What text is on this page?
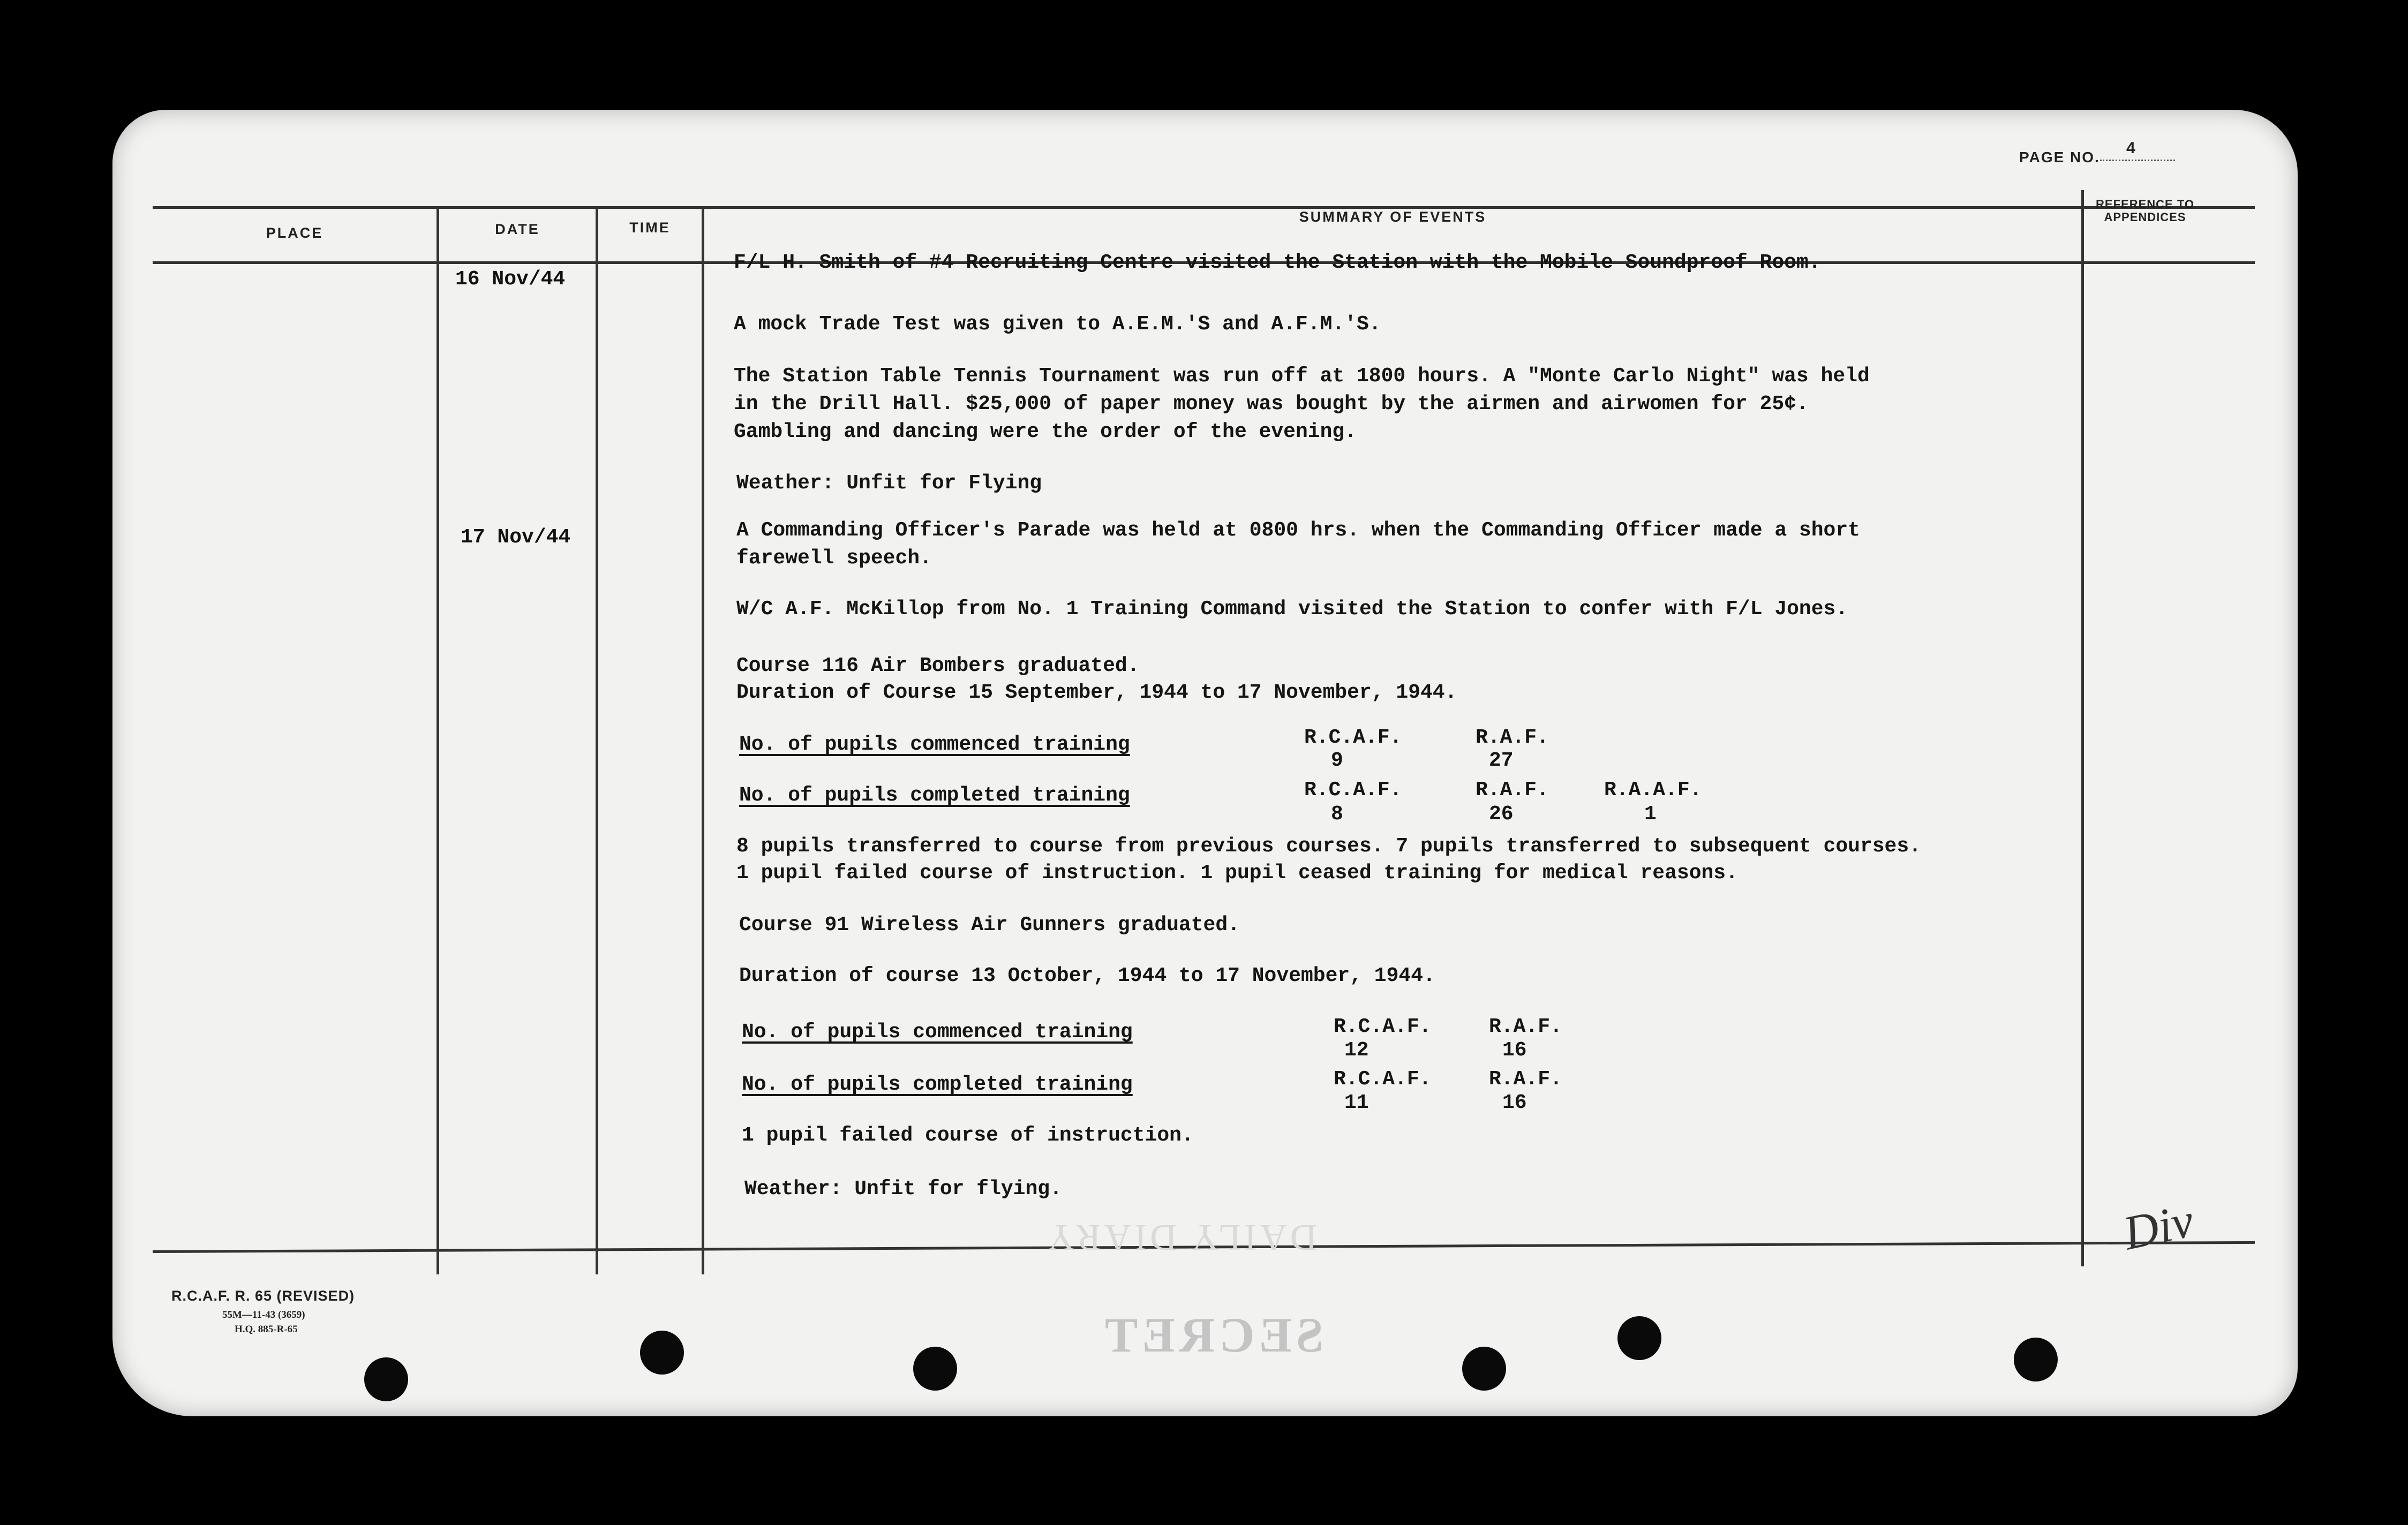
PAGE NO.
4
PLACE	DATE	TIME
SUMMARY OF EVENTS
REFERENCE TO APPENDICES
16 Nov/44
17 Nov/44
F/L H. Smith of #4 Recruiting Centre visited the Station with the Mobile Soundproof Room.
A mock Trade Test was given to A.E.M.'S and A.F.M.'S.
The Station Table Tennis Tournament was run off at 1800 hours. A "Monte Carlo Night" was held
in the Drill Hall. $25,000 of paper money was bought by the airmen and airwomen for 25¢.
Gambling and dancing were the order of the evening.
Weather: Unfit for Flying
A Commanding Officer's Parade was held at 0800 hrs. when the Commanding Officer made a short
farewell speech.
W/C A.F. McKillop from No. 1 Training Command visited the Station to confer with F/L Jones.
Course 116 Air Bombers graduated.
Duration of Course 15 September, 1944 to 17 November, 1944.
No. of pupils commenced training	R.C.A.F.	R.A.F.
9	27
No. of pupils completed training	R.C.A.F.	R.A.F.	R.A.A.F.
8	26	1
8 pupils transferred to course from previous courses. 7 pupils transferred to subsequent courses.
1 pupil failed course of instruction. 1 pupil ceased training for medical reasons.
Course 91 Wireless Air Gunners graduated.
Duration of course 13 October, 1944 to 17 November, 1944.
No. of pupils commenced training	R.C.A.F.	R.A.F.
12	16
No. of pupils completed training	R.C.A.F.	R.A.F.
11	16
1 pupil failed course of instruction.
Weather: Unfit for flying.
DAILY DIARY
SECRET
Div
R.C.A.F. R. 65 (REVISED)
55M—11-43 (3659)
H.Q. 885-R-65
